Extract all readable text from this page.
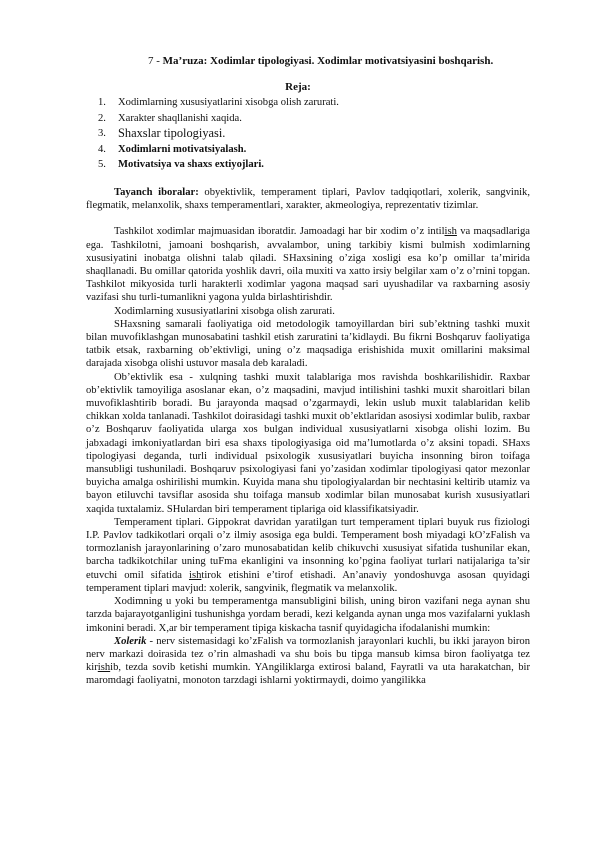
7 - Ma’ruza: Xodimlar tipologiyasi. Xodimlar motivatsiyasini boshqarish.
Reja:
1.	Xodimlarning xususiyatlarini xisobga olish zarurati.
2.	Xarakter shaqllanishi xaqida.
3. Shaxslar tipologiyasi.
4.	Xodimlarni motivatsiyalash.
5.	Motivatsiya va shaxs extiyojlari.

Tayanch iboralar: obyektivlik, temperament tiplari, Pavlov tadqiqotlari, xolerik, sangvinik, flegmatik, melanxolik, shaxs temperamentlari, xarakter, akmeologiya, reprezentativ tizimlar.

Tashkilot xodimlar majmuasidan iboratdir. Jamoadagi har bir xodim o’z intilish va maqsadlariga ega. Tashkilotni, jamoani boshqarish, avvalambor, uning tarkibiy kismi bulmish xodimlarning xususiyatini inobatga olishni talab qiladi. SHaxsining o’ziga xosligi esa ko’p omillar ta’mirida shaqllanadi. Bu omillar qatorida yoshlik davri, oila muxiti va xatto irsiy belgilar xam o’z o’rnini topgan. Tashkilot mikyosida turli harakterli xodimlar yagona maqsad sari uyushadilar va raxbarning asosiy vazifasi shu turli-tumanlikni yagona yulda birlashtirishdir.

Xodimlarning xususiyatlarini xisobga olish zarurati.

SHaxsning samarali faoliyatiga oid metodologik tamoyillardan biri sub’ektning tashki muxit bilan muvofiklashgan munosabatini tashkil etish zaruratini ta’kidlaydi. Bu fikrni Boshqaruv faoliyatiga tatbik etsak, raxbarning ob’ektivligi, uning o’z maqsadiga erishishida muxit omillarini maksimal darajada xisobga olishi ustuvor masala deb karaladi.

Ob’ektivlik esa - xulqning tashki muxit talablariga mos ravishda boshkarilishidir. Raxbar ob’ektivlik tamoyiliga asoslanar ekan, o’z maqsadini, mavjud intilishini tashki muxit sharoitlari bilan muvofiklashtirib boradi. Bu jarayonda maqsad o’zgarmaydi, lekin uslub muxit talablaridan kelib chikkan xolda tanlanadi. Tashkilot doirasidagi tashki muxit ob’ektlaridan asosiysi xodimlar bulib, raxbar o’z Boshqaruv faoliyatida ularga xos bulgan individual xususiyatlarni xisobga olishi lozim. Bu jabxadagi imkoniyatlardan biri esa shaxs tipologiyasiga oid ma’lumotlarda o’z aksini topadi. SHaxs tipologiyasi deganda, turli individual psixologik xususiyatlari buyicha insonning biron toifaga mansubligi tushuniladi. Boshqaruv psixologiyasi fani yo’zasidan xodimlar tipologiyasi qator mezonlar buyicha amalga oshirilishi mumkin. Kuyida mana shu tipologiyalardan bir nechtasini keltirib utamiz va bayon etiluvchi tavsiflar asosida shu toifaga mansub xodimlar bilan munosabat kurish xususiyatlari xaqida tuxtalamiz. SHulardan biri temperament tiplariga oid klassifikatsiyadir.

Temperament tiplari. Gippokrat davridan yaratilgan turt temperament tiplari buyuk rus fiziologi I.P. Pavlov tadkikotlari orqali o’z ilmiy asosiga ega buldi. Temperament bosh miyadagi kO’zFalish va tormozlanish jarayonlarining o’zaro munosabatidan kelib chikuvchi xususiyat sifatida tushunilar ekan, barcha tadkikotchilar uning tuFma ekanligini va insonning ko’pgina faoliyat turlari natijalariga ta’sir etuvchi omil sifatida ishtirok etishini e’tirof etishadi. An’anaviy yondoshuvga asosan quyidagi temperament tiplari mavjud: xolerik, sangvinik, flegmatik va melanxolik.

Xodimning u yoki bu temperamentga mansubligini bilish, uning biron vazifani nega aynan shu tarzda bajarayotganligini tushunishga yordam beradi, kezi kelganda aynan unga mos vazifalarni yuklash imkonini beradi. X,ar bir temperament tipiga kiskacha tasnif quyidagicha ifodalanishi mumkin:

Xolerik - nerv sistemasidagi ko’zFalish va tormozlanish jarayonlari kuchli, bu ikki jarayon biron nerv markazi doirasida tez o’rin almashadi va shu bois bu tipga mansub kimsa biron faoliyatga tez kirishib, tezda sovib ketishi mumkin. YAngiliklarga extirosi baland, Fayratli va uta harakatchan, bir maromdagi faoliyatni, monoton tarzdagi ishlarni yoktirmaydi, doimo yangilikka
